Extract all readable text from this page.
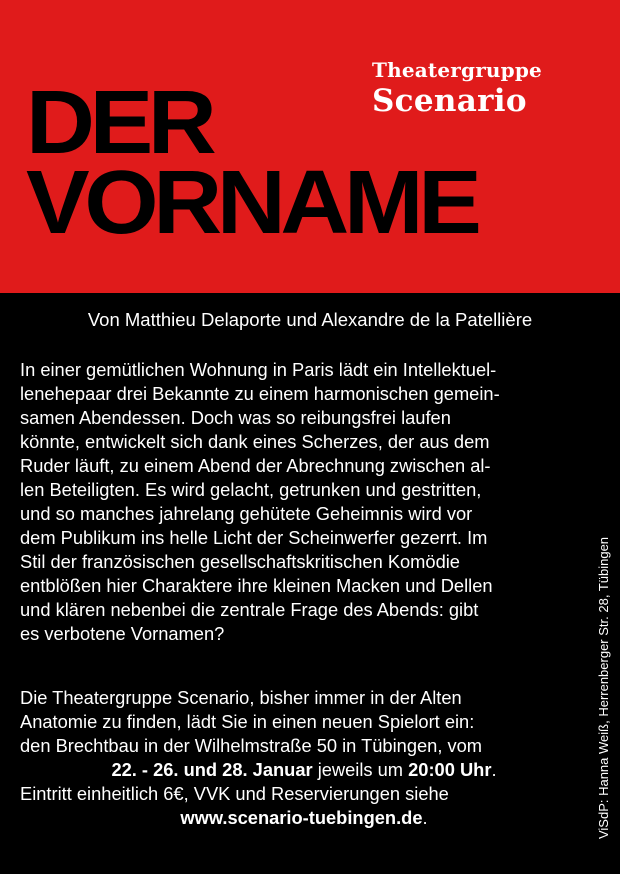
Theatergruppe
Scenario
DER
VORNAME
Von Matthieu Delaporte und Alexandre de la Patellière
In einer gemütlichen Wohnung in Paris lädt ein Intellektuel-
lenehepaar drei Bekannte zu einem harmonischen gemein-
samen Abendessen. Doch was so reibungsfrei laufen
könnte, entwickelt sich dank eines Scherzes, der aus dem
Ruder läuft, zu einem Abend der Abrechnung zwischen al-
len Beteiligten. Es wird gelacht, getrunken und gestritten,
und so manches jahrelang gehütete Geheimnis wird vor
dem Publikum ins helle Licht der Scheinwerfer gezerrt. Im
Stil der französischen gesellschaftskritischen Komödie
entblößen hier Charaktere ihre kleinen Macken und Dellen
und klären nebenbei die zentrale Frage des Abends: gibt
es verbotene Vornamen?
Die Theatergruppe Scenario, bisher immer in der Alten
Anatomie zu finden, lädt Sie in einen neuen Spielort ein:
den Brechtbau in der Wilhelmstraße 50 in Tübingen, vom
22. - 26. und 28. Januar jeweils um 20:00 Uhr.
Eintritt einheitlich 6€, VVK und Reservierungen siehe
www.scenario-tuebingen.de.	ViSdP: Hanna Weiß, Herrenberger Str. 28, Tübingen
